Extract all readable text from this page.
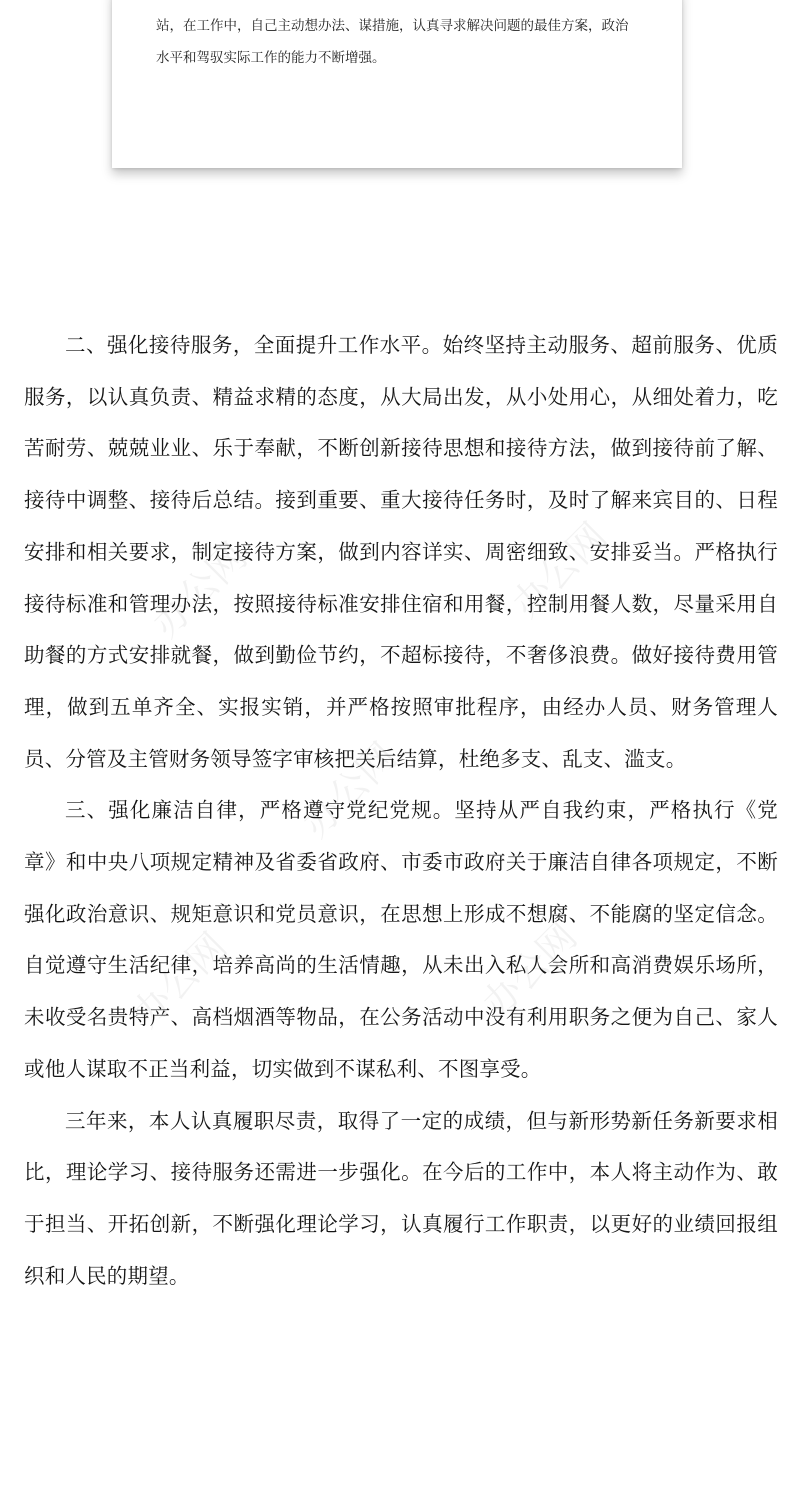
站，在工作中，自己主动想办法、谋措施，认真寻求解决问题的最佳方案，政治
水平和驾驭实际工作的能力不断增强。

二、强化接待服务，全面提升工作水平。始终坚持主动服务、超前服务、优质服务，以认真负责、精益求精的态度，从大局出发，从小处用心，从细处着力，吃苦耐劳、兢兢业业、乐于奉献，不断创新接待思想和接待方法，做到接待前了解、接待中调整、接待后总结。接到重要、重大接待任务时，及时了解来宾目的、日程安排和相关要求，制定接待方案，做到内容详实、周密细致、安排妥当。严格执行接待标准和管理办法，按照接待标准安排住宿和用餐，控制用餐人数，尽量采用自助餐的方式安排就餐，做到勤俭节约，不超标接待，不奢侈浪费。做好接待费用管理，做到五单齐全、实报实销，并严格按照审批程序，由经办人员、财务管理人员、分管及主管财务领导签字审核把关后结算，杜绝多支、乱支、滥支。

三、强化廉洁自律，严格遵守党纪党规。坚持从严自我约束，严格执行《党章》和中央八项规定精神及省委省政府、市委市政府关于廉洁自律各项规定，不断强化政治意识、规矩意识和党员意识，在思想上形成不想腐、不能腐的坚定信念。自觉遵守生活纪律，培养高尚的生活情趣，从未出入私人会所和高消费娱乐场所，未收受名贵特产、高档烟酒等物品，在公务活动中没有利用职务之便为自己、家人或他人谋取不正当利益，切实做到不谋私利、不图享受。

三年来，本人认真履职尽责，取得了一定的成绩，但与新形势新任务新要求相比，理论学习、接待服务还需进一步强化。在今后的工作中，本人将主动作为、敢于担当、开拓创新，不断强化理论学习，认真履行工作职责，以更好的业绩回报组织和人民的期望。

办公网	办公网
办公网
办公网	办公网
